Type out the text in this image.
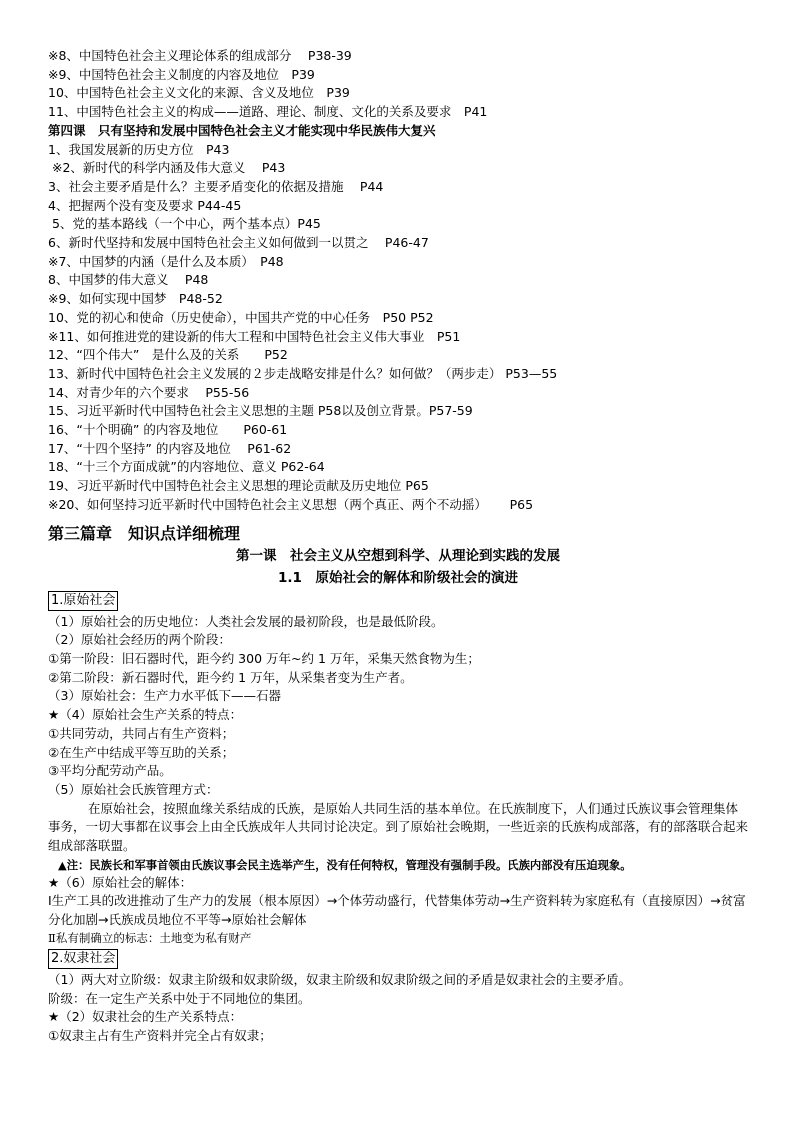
※8、中国特色社会主义理论体系的组成部分　 P38-39
※9、中国特色社会主义制度的内容及地位　P39
10、中国特色社会主义文化的来源、含义及地位　P39
11、中国特色社会主义的构成——道路、理论、制度、文化的关系及要求　P41
第四课　只有坚持和发展中国特色社会主义才能实现中华民族伟大复兴
1、我国发展新的历史方位　P43
※2、新时代的科学内涵及伟大意义　 P43
3、社会主要矛盾是什么？主要矛盾变化的依据及措施　 P44
4、把握两个没有变及要求 P44-45
5、党的基本路线（一个中心，两个基本点）P45
6、新时代坚持和发展中国特色社会主义如何做到一以贯之　 P46-47
※7、中国梦的内涵（是什么及本质）　P48
8、中国梦的伟大意义　 P48
※9、如何实现中国梦　P48-52
10、党的初心和使命（历史使命），中国共产党的中心任务　P50 P52
※11、如何推进党的建设新的伟大工程和中国特色社会主义伟大事业　P51
12、“四个伟大”　是什么及的关系　　P52
13、新时代中国特色社会主义发展的２步走战略安排是什么？如何做？（两步走） P53—55
14、对青少年的六个要求　 P55-56
15、习近平新时代中国特色社会主义思想的主题 P58以及创立背景。P57-59
16、“十个明确” 的内容及地位　　P60-61
17、“十四个坚持” 的内容及地位　 P61-62
18、“十三个方面成就”的内容地位、意义 P62-64
19、习近平新时代中国特色社会主义思想的理论贡献及历史地位 P65
※20、如何坚持习近平新时代中国特色社会主义思想（两个真正、两个不动摇）　　 P65
第三篇章　知识点详细梳理
第一课　社会主义从空想到科学、从理论到实践的发展
1.1　原始社会的解体和阶级社会的演进
1.原始社会
（1）原始社会的历史地位：人类社会发展的最初阶段，也是最低阶段。
（2）原始社会经历的两个阶段：
①第一阶段：旧石器时代，距今约 300 万年~约 1 万年，采集天然食物为生；
②第二阶段：新石器时代，距今约 1 万年，从采集者变为生产者。
（3）原始社会：生产力水平低下——石器
★（4）原始社会生产关系的特点：
①共同劳动，共同占有生产资料；
②在生产中结成平等互助的关系；
③平均分配劳动产品。
（5）原始社会氏族管理方式：
在原始社会，按照血缘关系结成的氏族，是原始人共同生活的基本单位。在氏族制度下，人们通过氏族议事会管理集体事务，一切大事都在议事会上由全氏族成年人共同讨论决定。到了原始社会晚期，一些近亲的氏族构成部落，有的部落联合起来组成部落联盟。
▲注：民族长和军事首领由氏族议事会民主选举产生，没有任何特权，管理没有强制手段。氏族内部没有压迫现象。
★（6）原始社会的解体：
Ⅰ生产工具的改进推动了生产力的发展（根本原因）→个体劳动盛行，代替集体劳动→生产资料转为家庭私有（直接原因）→贫富分化加剧→氏族成员地位不平等→原始社会解体
Ⅱ私有制确立的标志：土地变为私有财产
2.奴隶社会
（1）两大对立阶级：奴隶主阶级和奴隶阶级，奴隶主阶级和奴隶阶级之间的矛盾是奴隶社会的主要矛盾。
阶级：在一定生产关系中处于不同地位的集团。
★（2）奴隶社会的生产关系特点：
①奴隶主占有生产资料并完全占有奴隶；
